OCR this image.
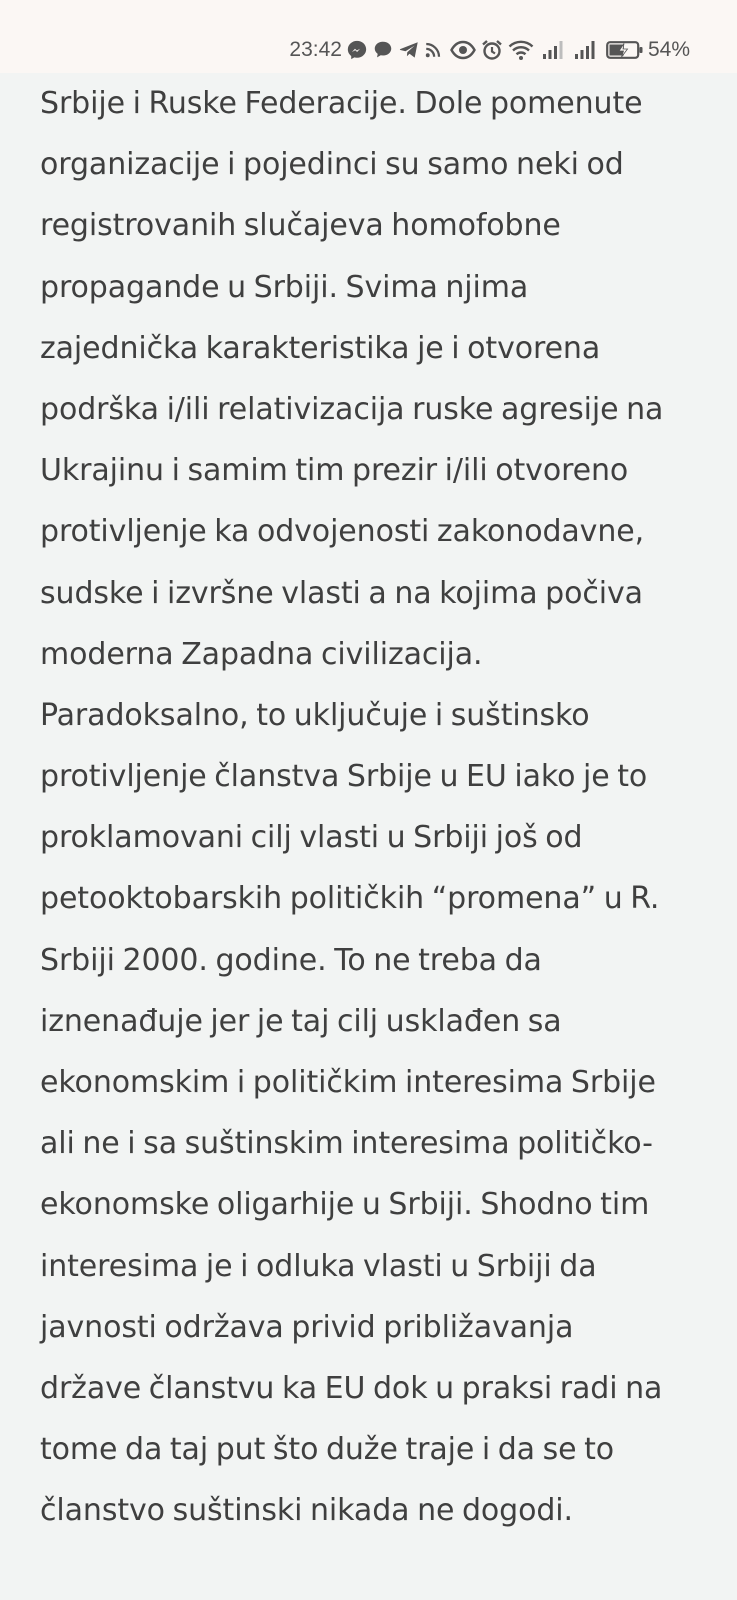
23:42	54%
Srbije i Ruske Federacije. Dole pomenute
organizacije i pojedinci su samo neki od
registrovanih slučajeva homofobne
propagande u Srbiji. Svima njima
zajednička karakteristika je i otvorena
podrška i/ili relativizacija ruske agresije na
Ukrajinu i samim tim prezir i/ili otvoreno
protivljenje ka odvojenosti zakonodavne,
sudske i izvršne vlasti a na kojima počiva
moderna Zapadna civilizacija.
Paradoksalno, to uključuje i suštinsko
protivljenje članstva Srbije u EU iako je to
proklamovani cilj vlasti u Srbiji još od
petooktobarskih političkih “promena” u R.
Srbiji 2000. godine. To ne treba da
iznenađuje jer je taj cilj usklađen sa
ekonomskim i političkim interesima Srbije
ali ne i sa suštinskim interesima političko-
ekonomske oligarhije u Srbiji. Shodno tim
interesima je i odluka vlasti u Srbiji da
javnosti održava privid približavanja
države članstvu ka EU dok u praksi radi na
tome da taj put što duže traje i da se to
članstvo suštinski nikada ne dogodi.
